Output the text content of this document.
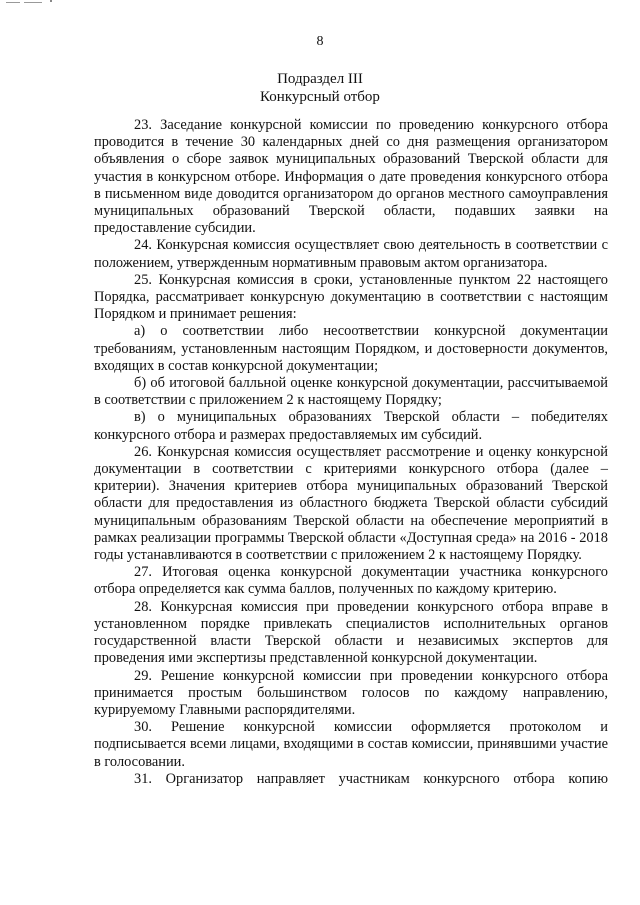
8
Подраздел III
Конкурсный отбор

23. Заседание конкурсной комиссии по проведению конкурсного отбора проводится в течение 30 календарных дней со дня размещения организатором объявления о сборе заявок муниципальных образований Тверской области для участия в конкурсном отборе. Информация о дате проведения конкурсного отбора в письменном виде доводится организатором до органов местного самоуправления муниципальных образований Тверской области, подавших заявки на предоставление субсидии.

24. Конкурсная комиссия осуществляет свою деятельность в соответствии с положением, утвержденным нормативным правовым актом организатора.

25. Конкурсная комиссия в сроки, установленные пунктом 22 настоящего Порядка, рассматривает конкурсную документацию в соответствии с настоящим Порядком и принимает решения:

а) о соответствии либо несоответствии конкурсной документации требованиям, установленным настоящим Порядком, и достоверности документов, входящих в состав конкурсной документации;

б) об итоговой балльной оценке конкурсной документации, рассчитываемой в соответствии с приложением 2 к настоящему Порядку;

в) о муниципальных образованиях Тверской области – победителях конкурсного отбора и размерах предоставляемых им субсидий.

26. Конкурсная комиссия осуществляет рассмотрение и оценку конкурсной документации в соответствии с критериями конкурсного отбора (далее – критерии). Значения критериев отбора муниципальных образований Тверской области для предоставления из областного бюджета Тверской области субсидий муниципальным образованиям Тверской области на обеспечение мероприятий в рамках реализации программы Тверской области «Доступная среда» на 2016 - 2018 годы устанавливаются в соответствии с приложением 2 к настоящему Порядку.

27. Итоговая оценка конкурсной документации участника конкурсного отбора определяется как сумма баллов, полученных по каждому критерию.

28. Конкурсная комиссия при проведении конкурсного отбора вправе в установленном порядке привлекать специалистов исполнительных органов государственной власти Тверской области и независимых экспертов для проведения ими экспертизы представленной конкурсной документации.

29. Решение конкурсной комиссии при проведении конкурсного отбора принимается простым большинством голосов по каждому направлению, курируемому Главными распорядителями.

30. Решение конкурсной комиссии оформляется протоколом и подписывается всеми лицами, входящими в состав комиссии, принявшими участие в голосовании.

31. Организатор направляет участникам конкурсного отбора копию
